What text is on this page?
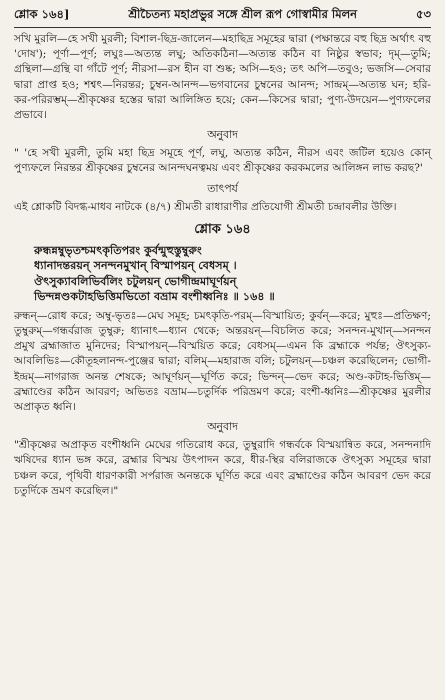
শ্লোক ১৬৪]	শ্রীচৈতন্য মহাপ্রভুর সঙ্গে শ্রীল রূপ গোস্বামীর মিলন	৫৩

সখি মুরলি—হে সখী মুরলী; বিশাল-ছিদ্র-জালেন—মহাছিদ্র সমূহের দ্বারা (পক্ষান্তরে বহু ছিদ্র অর্থাৎ বহু 'দোষ'); পূর্ণা—পূর্ণ; লঘুঃ—অত্যন্ত লঘু; অতিকঠিনা—অত্যন্ত কঠিন বা নিষ্ঠুর স্বভাব; দৃম্—তুমি; গ্রন্থিলা—গ্রন্থি বা গাঁটে পূর্ণ; নীরসা—রস হীন বা শুষ্ক; অসি—হও; তৎ অপি—তবুও; ভজসি—সেবার দ্বারা প্রাপ্ত হও; শশ্বৎ—নিরন্তর; চুম্বন-আনন্দ—ভগবানের চুম্বনের আনন্দ; সান্দ্রম্—অত্যন্ত ঘন; হরি-কর-পরিরম্ভম্—শ্রীকৃষ্ণের হস্তের দ্বারা আলিঙ্গিত হয়ে; কেন—কিসের দ্বারা; পুণ্য-উদয়েন—পুণ্যফলের প্রভাবে।

অনুবাদ

" 'হে সখী মুরলী, তুমি মহা ছিদ্র সমূহে পূর্ণ, লঘু, অত্যন্ত কঠিন, নীরস এবং জটিল হয়েও কোন্ পুণ্যফলে নিরন্তর শ্রীকৃষ্ণের চুম্বনের আনন্দঘনত্বময় এবং শ্রীকৃষ্ণের করকমলের আলিঙ্গন লাভ করছ?'

তাৎপর্য

এই শ্লোকটি বিদগ্ধ-মাধব নাটকে (৪/৭) শ্রীমতী রাধারাণীর প্রতিযোগী শ্রীমতী চন্দ্রাবলীর উক্তি।

শ্লোক ১৬৪
রুন্ধন্নম্বুভৃতশ্চমৎকৃতিপরং কুর্বন্মুহুস্তুম্বুরুং
ধ্যানাদন্তরয়ন্ সনন্দনমুখান্ বিস্মাপয়ন্ বেধসম্ ।
ঔৎসুক্যাবলিভির্বলিং চটুলয়ন্ ভোগীন্দ্রমাঘূর্ণয়ন্
ভিন্দন্নণ্ডকটাহভিত্তিমভিতো বভ্রাম বংশীধ্বনিঃ ॥ ১৬৪ ॥

রুন্ধন্—রোধ করে; অম্বু-ভৃতঃ—মেঘ সমূহ; চমৎকৃতি-পরম্—বিস্মায়িত; কুর্বন্—করে; মুহুঃ—প্রতিক্ষণ; তুম্বুরুম্—গন্ধর্বরাজ তুম্বুরু; ধ্যানাৎ—ধ্যান থেকে; অন্তরয়ন্—বিচলিত করে; সনন্দন-মুখান্—সনন্দন প্রমুখ ব্রহ্মাজাত মুনিদের; বিস্মাপয়ন্—বিস্ময়িত করে; বেধসম্—এমন কি ব্রহ্মাকে পর্যন্ত; ঔৎসুক্য-আবলিভিঃ—কৌতূহলানন্দ-পুঞ্জের দ্বারা; বলিম্—মহারাজ বলি; চটুলয়ন্—চঞ্চল করেছিলেন; ভোগী-ইন্দ্রম্—নাগরাজ অনন্ত শেষকে; আঘূর্ণয়ন্—ঘূর্ণিত করে; ভিন্দন্—ভেদ করে; অণ্ড-কটাহ-ভিত্তিম্—ব্রহ্মাণ্ডের কঠিন আবরণ; অভিতঃ বভ্রাম—চতুর্দিক পরিভ্রমণ করে; বংশী-ধ্বনিঃ—শ্রীকৃষ্ণের মুরলীর অপ্রাকৃত ধ্বনি।

অনুবাদ

"শ্রীকৃষ্ণের অপ্রাকৃত বংশীধ্বনি মেঘের গতিরোধ করে, তুম্বুরাদি গন্ধর্বকে বিস্ময়ান্বিত করে, সনন্দনাদি ঋষিদের ধ্যান ভঙ্গ করে, ব্রহ্মার বিস্ময় উৎপাদন করে, ধীর-স্থির বলিরাজকে ঔৎসুক্য সমূহের দ্বারা চঞ্চল করে, পৃথিবী ধারণকারী সর্পরাজ অনন্তকে ঘূর্ণিত করে এবং ব্রহ্মাণ্ডের কঠিন আবরণ ভেদ করে চতুর্দিকে ভ্রমণ করেছিল।"
